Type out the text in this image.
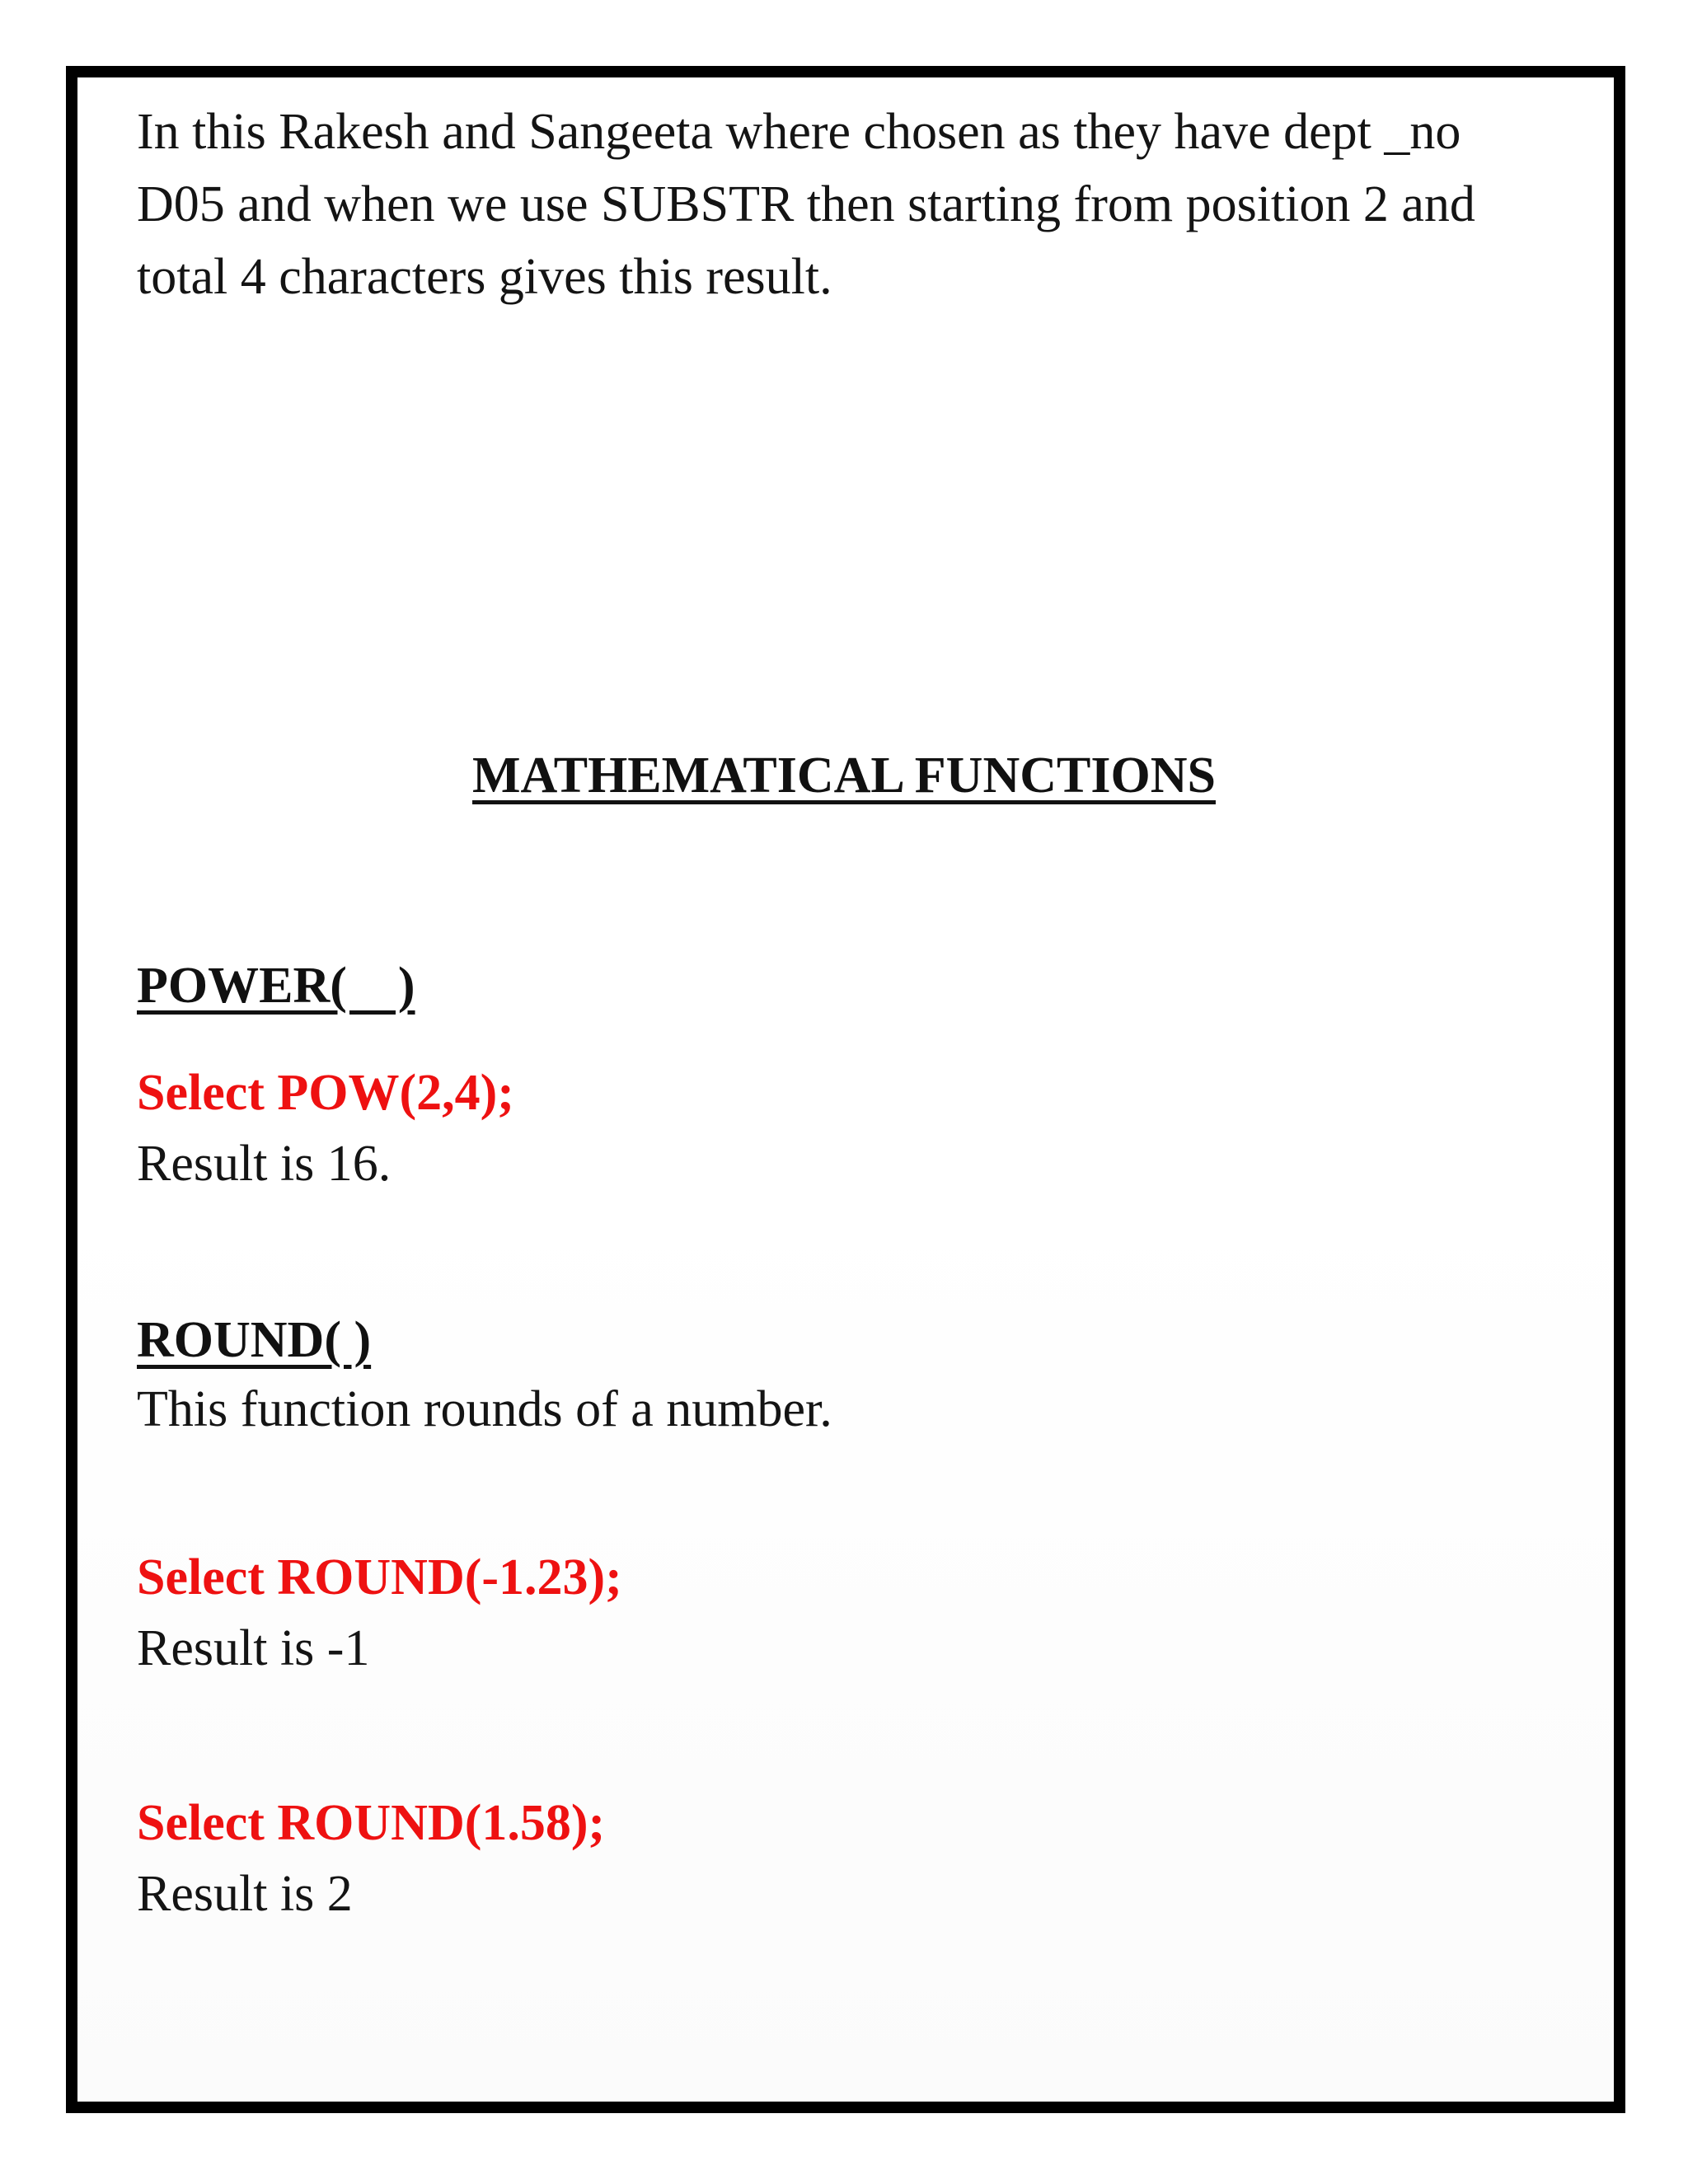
In this Rakesh and Sangeeta where chosen as they have dept _no
D05 and when we use SUBSTR then starting from position 2 and
total 4 characters gives this result.
MATHEMATICAL FUNCTIONS
POWER(    )
Select POW(2,4);
Result is 16.
ROUND( )
This function rounds of a number.
Select ROUND(-1.23);
Result is -1
Select ROUND(1.58);
Result is 2
